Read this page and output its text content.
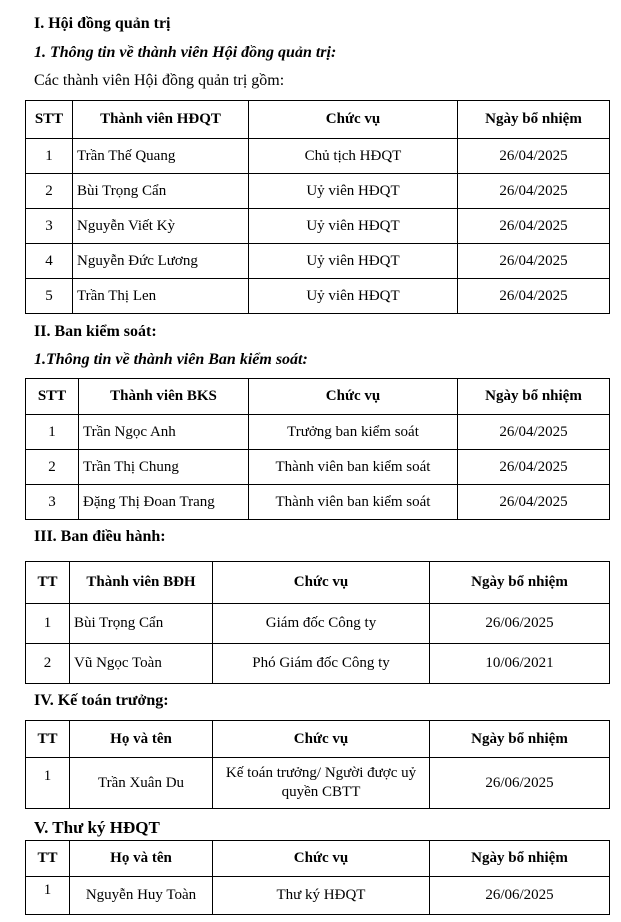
I. Hội đồng quản trị
1. Thông tin về thành viên Hội đồng quản trị:
Các thành viên Hội đồng quản trị gồm:
STT	Thành viên HĐQT	Chức vụ	Ngày bổ nhiệm
1	Trần Thế Quang	Chủ tịch HĐQT	26/04/2025
2	Bùi Trọng Cẩn	Uỷ viên HĐQT	26/04/2025
3	Nguyễn Viết Kỳ	Uỷ viên HĐQT	26/04/2025
4	Nguyễn Đức Lương	Uỷ viên HĐQT	26/04/2025
5	Trần Thị Len	Uỷ viên HĐQT	26/04/2025
II. Ban kiểm soát:
1.Thông tin về thành viên Ban kiểm soát:
STT	Thành viên BKS	Chức vụ	Ngày bổ nhiệm
1	Trần Ngọc Anh	Trưởng ban kiểm soát	26/04/2025
2	Trần Thị Chung	Thành viên ban kiểm soát	26/04/2025
3	Đặng Thị Đoan Trang	Thành viên ban kiểm soát	26/04/2025
III. Ban điều hành:
TT	Thành viên BĐH	Chức vụ	Ngày bổ nhiệm
1	Bùi Trọng Cẩn	Giám đốc Công ty	26/06/2025
2	Vũ Ngọc Toàn	Phó Giám đốc Công ty	10/06/2021
IV. Kế toán trưởng:
TT	Họ và tên	Chức vụ	Ngày bổ nhiệm
1	Trần Xuân Du	Kế toán trưởng/ Người được uỷ quyền CBTT	26/06/2025
V. Thư ký HĐQT
TT	Họ và tên	Chức vụ	Ngày bổ nhiệm
1	Nguyễn Huy Toàn	Thư ký HĐQT	26/06/2025
